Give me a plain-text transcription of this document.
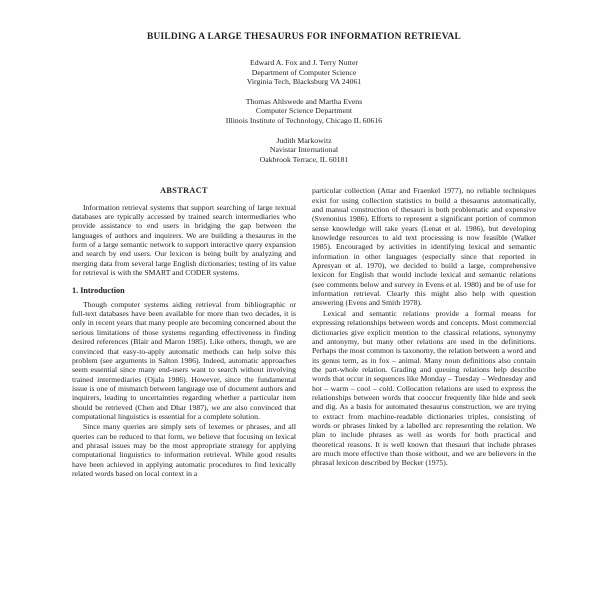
BUILDING A LARGE THESAURUS FOR INFORMATION RETRIEVAL
Edward A. Fox and J. Terry Nutter
Department of Computer Science
Virginia Tech, Blacksburg VA 24061
Thomas Ahlswede and Martha Evens
Computer Science Department
Illinois Institute of Technology, Chicago IL 60616
Judith Markowitz
Navistar International
Oakbrook Terrace, IL 60181
ABSTRACT

Information retrieval systems that support searching of large textual databases are typically accessed by trained search intermediaries who provide assistance to end users in bridging the gap between the languages of authors and inquirers. We are building a thesaurus in the form of a large semantic network to support interactive query expansion and search by end users. Our lexicon is being built by analyzing and merging data from several large English dictionaries; testing of its value for retrieval is with the SMART and CODER systems.

1. Introduction

Though computer systems aiding retrieval from bibliographic or full-text databases have been available for more than two decades, it is only in recent years that many people are becoming concerned about the serious limitations of those systems regarding effectiveness in finding desired references (Blair and Maron 1985). Like others, though, we are convinced that easy-to-apply automatic methods can help solve this problem (see arguments in Salton 1986). Indeed, automatic approaches seem essential since many end-users want to search without involving trained intermediaries (Ojala 1986). However, since the fundamental issue is one of mismatch between language use of document authors and inquirers, leading to uncertainties regarding whether a particular item should be retrieved (Chen and Dhar 1987), we are also convinced that computational linguistics is essential for a complete solution.

Since many queries are simply sets of lexemes or phrases, and all queries can be reduced to that form, we believe that focusing on lexical and phrasal issues may be the most appropriate strategy for applying computational linguistics to information retrieval. While good results have been achieved in applying automatic procedures to find lexically related words based on local context in a

particular collection (Attar and Fraenkel 1977), no reliable techniques exist for using collection statistics to build a thesaurus automatically, and manual construction of thesauri is both problematic and expensive (Svenonius 1986). Efforts to represent a significant portion of common sense knowledge will take years (Lenat et al. 1986), but developing knowledge resources to aid text processing is now feasible (Walker 1985). Encouraged by activities in identifying lexical and semantic information in other languages (especially since that reported in Apresyan et al. 1970), we decided to build a large, comprehensive lexicon for English that would include lexical and semantic relations (see comments below and survey in Evens et al. 1980) and be of use for information retrieval. Clearly this might also help with question answering (Evens and Smith 1978).

Lexical and semantic relations provide a formal means for expressing relationships between words and concepts. Most commercial dictionaries give explicit mention to the classical relations, synonymy and antonymy, but many other relations are used in the definitions. Perhaps the most common is taxonomy, the relation between a word and its genus term, as in fox – animal. Many noun definitions also contain the part-whole relation. Grading and queuing relations help describe words that occur in sequences like Monday – Tuesday – Wednesday and hot – warm – cool – cold. Collocation relations are used to express the relationships between words that cooccur frequently like hide and seek and dig. As a basis for automated thesaurus construction, we are trying to extract from machine-readable dictionaries triples, consisting of words or phrases linked by a labelled arc representing the relation. We plan to include phrases as well as words for both practical and theoretical reasons. It is well known that thesauri that include phrases are much more effective than those without, and we are believers in the phrasal lexicon described by Becker (1975).
